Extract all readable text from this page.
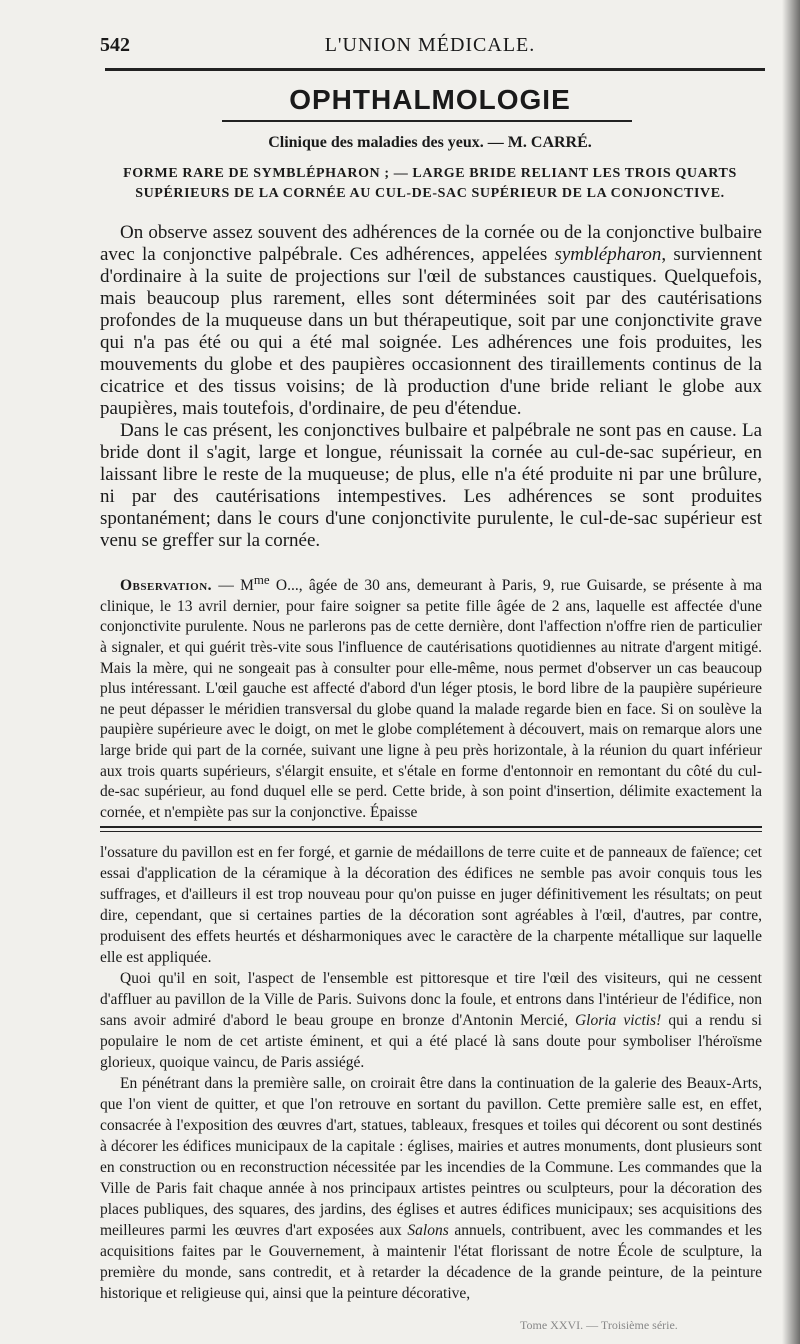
542	L'UNION MÉDICALE.
OPHTHALMOLOGIE
Clinique des maladies des yeux. — M. CARRÉ.
FORME RARE DE SYMBLÉPHARON ; — LARGE BRIDE RELIANT LES TROIS QUARTS
SUPÉRIEURS DE LA CORNÉE AU CUL-DE-SAC SUPÉRIEUR DE LA CONJONCTIVE.

On observe assez souvent des adhérences de la cornée ou de la conjonctive bulbaire avec la conjonctive palpébrale. Ces adhérences, appelées symblépharon, surviennent d'ordinaire à la suite de projections sur l'œil de substances caustiques. Quelquefois, mais beaucoup plus rarement, elles sont déterminées soit par des cautérisations profondes de la muqueuse dans un but thérapeutique, soit par une conjonctivite grave qui n'a pas été ou qui a été mal soignée. Les adhérences une fois produites, les mouvements du globe et des paupières occasionnent des tiraillements continus de la cicatrice et des tissus voisins; de là production d'une bride reliant le globe aux paupières, mais toutefois, d'ordinaire, de peu d'étendue.

Dans le cas présent, les conjonctives bulbaire et palpébrale ne sont pas en cause. La bride dont il s'agit, large et longue, réunissait la cornée au cul-de-sac supérieur, en laissant libre le reste de la muqueuse; de plus, elle n'a été produite ni par une brûlure, ni par des cautérisations intempestives. Les adhérences se sont produites spontanément; dans le cours d'une conjonctivite purulente, le cul-de-sac supérieur est venu se greffer sur la cornée.

Observation. — $M^{me}$ O..., âgée de 30 ans, demeurant à Paris, 9, rue Guisarde, se présente à ma clinique, le 13 avril dernier, pour faire soigner sa petite fille âgée de 2 ans, laquelle est affectée d'une conjonctivite purulente. Nous ne parlerons pas de cette dernière, dont l'affection n'offre rien de particulier à signaler, et qui guérit très-vite sous l'influence de cautérisations quotidiennes au nitrate d'argent mitigé. Mais la mère, qui ne songeait pas à consulter pour elle-même, nous permet d'observer un cas beaucoup plus intéressant. L'œil gauche est affecté d'abord d'un léger ptosis, le bord libre de la paupière supérieure ne peut dépasser le méridien transversal du globe quand la malade regarde bien en face. Si on soulève la paupière supérieure avec le doigt, on met le globe complétement à découvert, mais on remarque alors une large bride qui part de la cornée, suivant une ligne à peu près horizontale, à la réunion du quart inférieur aux trois quarts supérieurs, s'élargit ensuite, et s'étale en forme d'entonnoir en remontant du côté du cul-de-sac supérieur, au fond duquel elle se perd. Cette bride, à son point d'insertion, délimite exactement la cornée, et n'empiète pas sur la conjonctive. Épaisse

l'ossature du pavillon est en fer forgé, et garnie de médaillons de terre cuite et de panneaux de faïence; cet essai d'application de la céramique à la décoration des édifices ne semble pas avoir conquis tous les suffrages, et d'ailleurs il est trop nouveau pour qu'on puisse en juger définitivement les résultats; on peut dire, cependant, que si certaines parties de la décoration sont agréables à l'œil, d'autres, par contre, produisent des effets heurtés et désharmoniques avec le caractère de la charpente métallique sur laquelle elle est appliquée.

Quoi qu'il en soit, l'aspect de l'ensemble est pittoresque et tire l'œil des visiteurs, qui ne cessent d'affluer au pavillon de la Ville de Paris. Suivons donc la foule, et entrons dans l'intérieur de l'édifice, non sans avoir admiré d'abord le beau groupe en bronze d'Antonin Mercié, Gloria victis! qui a rendu si populaire le nom de cet artiste éminent, et qui a été placé là sans doute pour symboliser l'héroïsme glorieux, quoique vaincu, de Paris assiégé.

En pénétrant dans la première salle, on croirait être dans la continuation de la galerie des Beaux-Arts, que l'on vient de quitter, et que l'on retrouve en sortant du pavillon. Cette première salle est, en effet, consacrée à l'exposition des œuvres d'art, statues, tableaux, fresques et toiles qui décorent ou sont destinés à décorer les édifices municipaux de la capitale : églises, mairies et autres monuments, dont plusieurs sont en construction ou en reconstruction nécessitée par les incendies de la Commune. Les commandes que la Ville de Paris fait chaque année à nos principaux artistes peintres ou sculpteurs, pour la décoration des places publiques, des squares, des jardins, des églises et autres édifices municipaux; ses acquisitions des meilleures parmi les œuvres d'art exposées aux Salons annuels, contribuent, avec les commandes et les acquisitions faites par le Gouvernement, à maintenir l'état florissant de notre École de sculpture, la première du monde, sans contredit, et à retarder la décadence de la grande peinture, de la peinture historique et religieuse qui, ainsi que la peinture décorative,

Tome XXVI. — Troisième série.
